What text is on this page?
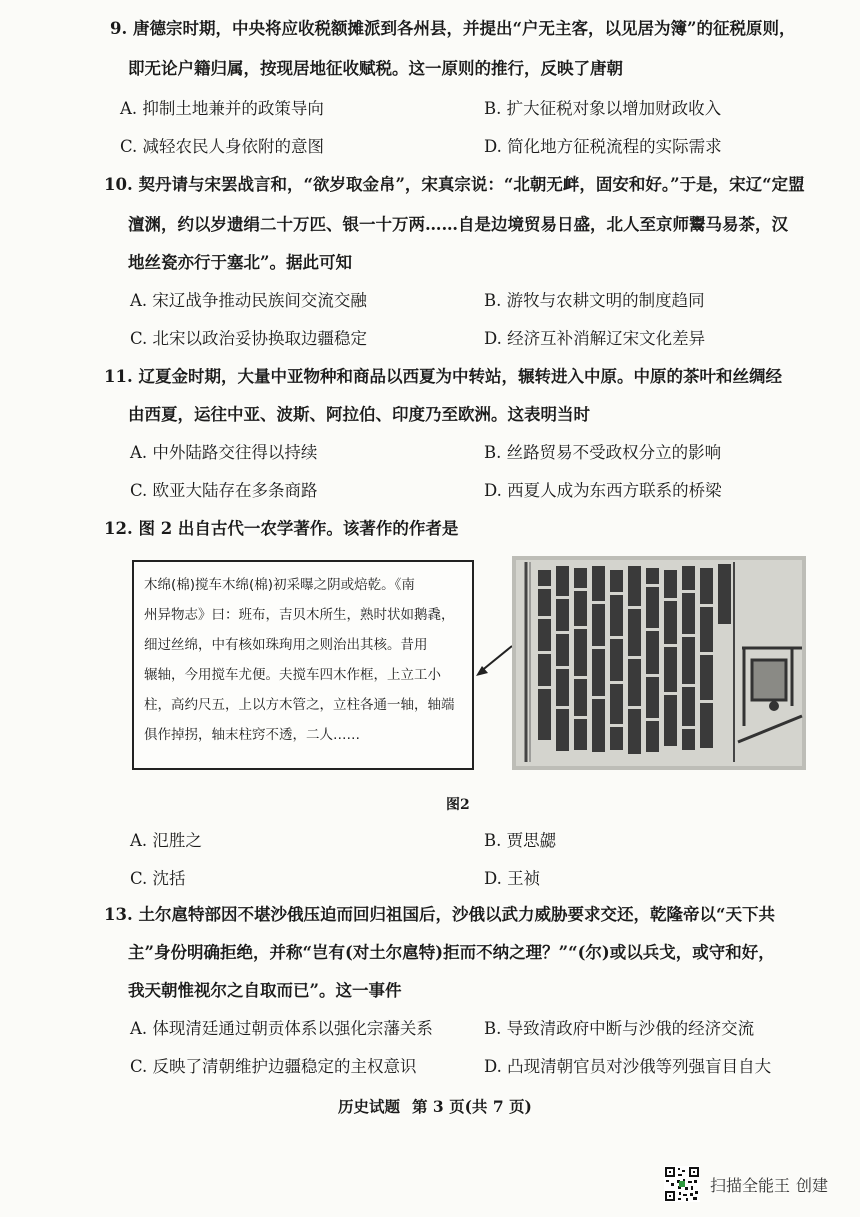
9. 唐德宗时期，中央将应收税额摊派到各州县，并提出“户无主客，以见居为簿”的征税原则，
即无论户籍归属，按现居地征收赋税。这一原则的推行，反映了唐朝
A. 抑制土地兼并的政策导向	B. 扩大征税对象以增加财政收入
C. 减轻农民人身依附的意图	D. 简化地方征税流程的实际需求
10. 契丹请与宋罢战言和，“欲岁取金帛”，宋真宗说：“北朝无衅，固安和好。”于是，宋辽“定盟
澶渊，约以岁遗绢二十万匹、银一十万两……自是边境贸易日盛，北人至京师鬻马易茶，汉
地丝瓷亦行于塞北”。据此可知
A. 宋辽战争推动民族间交流交融	B. 游牧与农耕文明的制度趋同
C. 北宋以政治妥协换取边疆稳定	D. 经济互补消解辽宋文化差异
11. 辽夏金时期，大量中亚物种和商品以西夏为中转站，辗转进入中原。中原的茶叶和丝绸经
由西夏，运往中亚、波斯、阿拉伯、印度乃至欧洲。这表明当时
A. 中外陆路交往得以持续	B. 丝路贸易不受政权分立的影响
C. 欧亚大陆存在多条商路	D. 西夏人成为东西方联系的桥梁
12. 图 2 出自古代一农学著作。该著作的作者是
木绵(棉)搅车木绵(棉)初采曝之阴或焙乾。《南
州异物志》曰：班布，吉贝木所生，熟时状如鹅毳，
细过丝绵，中有核如珠珣用之则治出其核。昔用
辗轴，今用搅车尤便。夫搅车四木作框，上立工小
柱，高约尺五，上以方木管之，立柱各通一轴，轴端
俱作掉拐，轴末柱窍不透，二人……
图2
A. 氾胜之	B. 贾思勰
C. 沈括	D. 王祯
13. 土尔扈特部因不堪沙俄压迫而回归祖国后，沙俄以武力威胁要求交还，乾隆帝以“天下共
主”身份明确拒绝，并称“岂有(对土尔扈特)拒而不纳之理？”“(尔)或以兵戈，或守和好，
我天朝惟视尔之自取而已”。这一事件
A. 体现清廷通过朝贡体系以强化宗藩关系	B. 导致清政府中断与沙俄的经济交流
C. 反映了清朝维护边疆稳定的主权意识	D. 凸现清朝官员对沙俄等列强盲目自大
历史试题 第 3 页(共 7 页)
扫描全能王 创建
